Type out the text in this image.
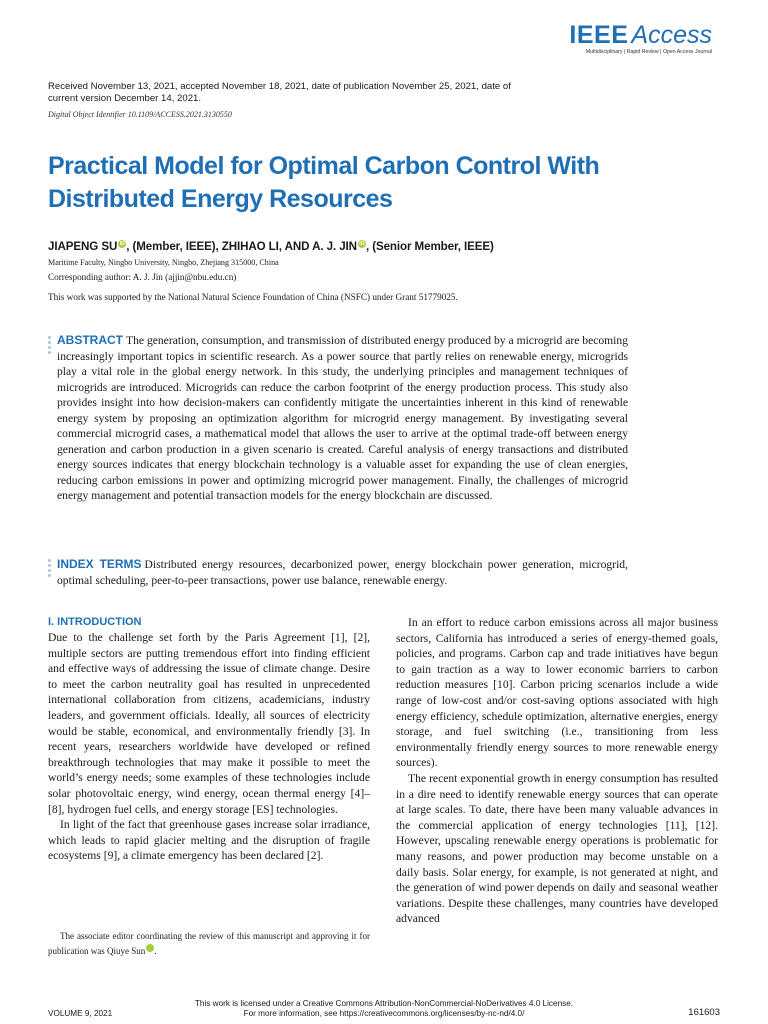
IEEE Access
Multidisciplinary | Rapid Review | Open Access Journal
Received November 13, 2021, accepted November 18, 2021, date of publication November 25, 2021, date of current version December 14, 2021.
Digital Object Identifier 10.1109/ACCESS.2021.3130550
Practical Model for Optimal Carbon Control With Distributed Energy Resources
JIAPENG SU iD, (Member, IEEE), ZHIHAO LI, AND A. J. JIN iD, (Senior Member, IEEE)
Maritime Faculty, Ningbo University, Ningbo, Zhejiang 315000, China
Corresponding author: A. J. Jin (ajjin@nbu.edu.cn)
This work was supported by the National Natural Science Foundation of China (NSFC) under Grant 51779025.

ABSTRACT The generation, consumption, and transmission of distributed energy produced by a microgrid are becoming increasingly important topics in scientific research. As a power source that partly relies on renewable energy, microgrids play a vital role in the global energy network. In this study, the underlying principles and management techniques of microgrids are introduced. Microgrids can reduce the carbon footprint of the energy production process. This study also provides insight into how decision-makers can confidently mitigate the uncertainties inherent in this kind of renewable energy system by proposing an optimization algorithm for microgrid energy management. By investigating several commercial microgrid cases, a mathematical model that allows the user to arrive at the optimal trade-off between energy generation and carbon production in a given scenario is created. Careful analysis of energy transactions and distributed energy sources indicates that energy blockchain technology is a valuable asset for expanding the use of clean energies, reducing carbon emissions in power and optimizing microgrid power management. Finally, the challenges of microgrid energy management and potential transaction models for the energy blockchain are discussed.

INDEX TERMS Distributed energy resources, decarbonized power, energy blockchain power generation, microgrid, optimal scheduling, peer-to-peer transactions, power use balance, renewable energy.

I. INTRODUCTION

Due to the challenge set forth by the Paris Agreement [1], [2], multiple sectors are putting tremendous effort into finding efficient and effective ways of addressing the issue of climate change. Desire to meet the carbon neutrality goal has resulted in unprecedented international collaboration from citizens, academicians, industry leaders, and government officials. Ideally, all sources of electricity would be stable, economical, and environmentally friendly [3]. In recent years, researchers worldwide have developed or refined breakthrough technologies that may make it possible to meet the world’s energy needs; some examples of these technologies include solar photovoltaic energy, wind energy, ocean thermal energy [4]–[8], hydrogen fuel cells, and energy storage [ES] technologies.

In light of the fact that greenhouse gases increase solar irradiance, which leads to rapid glacier melting and the disruption of fragile ecosystems [9], a climate emergency has been declared [2].

In an effort to reduce carbon emissions across all major business sectors, California has introduced a series of energy-themed goals, policies, and programs. Carbon cap and trade initiatives have begun to gain traction as a way to lower economic barriers to carbon reduction measures [10]. Carbon pricing scenarios include a wide range of low-cost and/or cost-saving options associated with high energy efficiency, schedule optimization, alternative energies, energy storage, and fuel switching (i.e., transitioning from less environmentally friendly energy sources to more renewable energy sources).

The recent exponential growth in energy consumption has resulted in a dire need to identify renewable energy sources that can operate at large scales. To date, there have been many valuable advances in the commercial application of energy technologies [11], [12]. However, upscaling renewable energy operations is problematic for many reasons, and power production may become unstable on a daily basis. Solar energy, for example, is not generated at night, and the generation of wind power depends on daily and seasonal weather variations. Despite these challenges, many countries have developed advanced

The associate editor coordinating the review of this manuscript and approving it for publication was Qiuye Sun iD.

This work is licensed under a Creative Commons Attribution-NonCommercial-NoDerivatives 4.0 License.
For more information, see https://creativecommons.org/licenses/by-nc-nd/4.0/
VOLUME 9, 2021	161603
